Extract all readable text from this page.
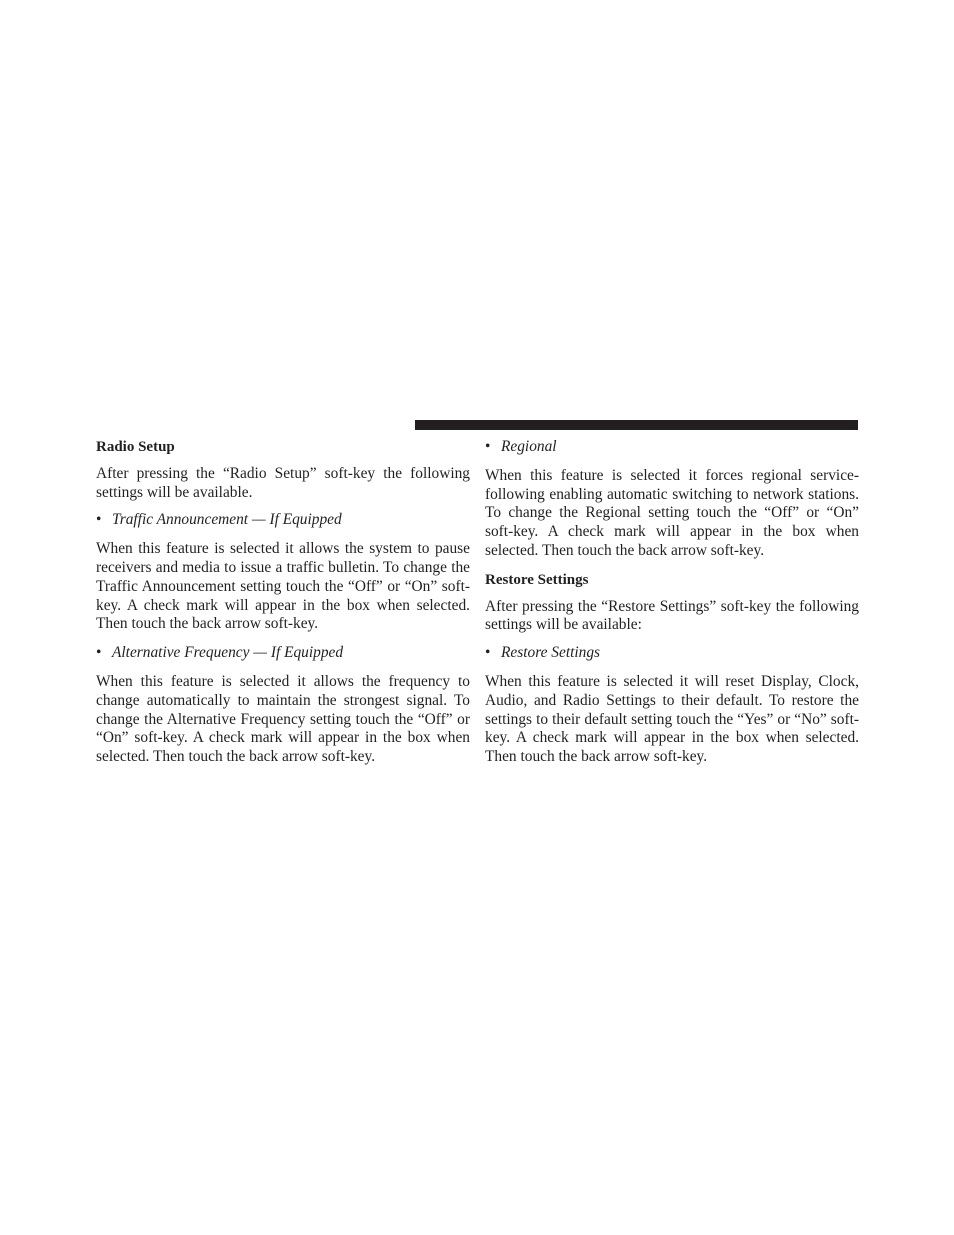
Radio Setup

After pressing the “Radio Setup” soft-key the following settings will be available.

• Traffic Announcement — If Equipped

When this feature is selected it allows the system to pause receivers and media to issue a traffic bulletin. To change the Traffic Announcement setting touch the “Off” or “On” soft-key. A check mark will appear in the box when selected. Then touch the back arrow soft-key.

• Alternative Frequency — If Equipped

When this feature is selected it allows the frequency to change automatically to maintain the strongest signal. To change the Alternative Frequency setting touch the “Off” or “On” soft-key. A check mark will appear in the box when selected. Then touch the back arrow soft-key.

• Regional

When this feature is selected it forces regional service-following enabling automatic switching to network stations. To change the Regional setting touch the “Off” or “On” soft-key. A check mark will appear in the box when selected. Then touch the back arrow soft-key.

Restore Settings

After pressing the “Restore Settings” soft-key the following settings will be available:

• Restore Settings

When this feature is selected it will reset Display, Clock, Audio, and Radio Settings to their default. To restore the settings to their default setting touch the “Yes” or “No” soft-key. A check mark will appear in the box when selected. Then touch the back arrow soft-key.
